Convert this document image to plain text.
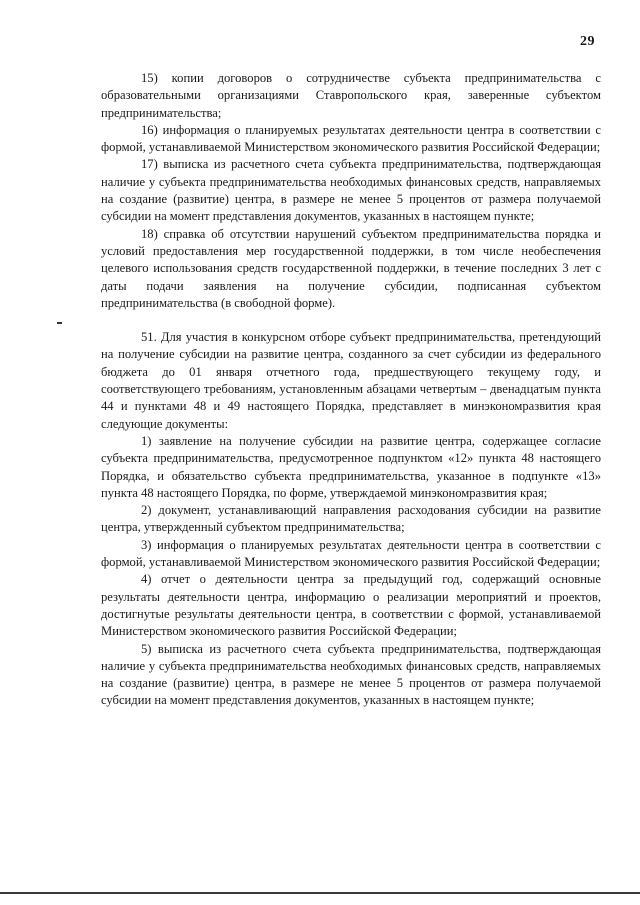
29

15) копии договоров о сотрудничестве субъекта предпринимательства с образовательными организациями Ставропольского края, заверенные субъектом предпринимательства;

16) информация о планируемых результатах деятельности центра в соответствии с формой, устанавливаемой Министерством экономического развития Российской Федерации;

17) выписка из расчетного счета субъекта предпринимательства, подтверждающая наличие у субъекта предпринимательства необходимых финансовых средств, направляемых на создание (развитие) центра, в размере не менее 5 процентов от размера получаемой субсидии на момент представления документов, указанных в настоящем пункте;

18) справка об отсутствии нарушений субъектом предпринимательства порядка и условий предоставления мер государственной поддержки, в том числе необеспечения целевого использования средств государственной поддержки, в течение последних 3 лет с даты подачи заявления на получение субсидии, подписанная субъектом предпринимательства (в свободной форме).

51. Для участия в конкурсном отборе субъект предпринимательства, претендующий на получение субсидии на развитие центра, созданного за счет субсидии из федерального бюджета до 01 января отчетного года, предшествующего текущему году, и соответствующего требованиям, установленным абзацами четвертым – двенадцатым пункта 44 и пунктами 48 и 49 настоящего Порядка, представляет в минэкономразвития края следующие документы:

1) заявление на получение субсидии на развитие центра, содержащее согласие субъекта предпринимательства, предусмотренное подпунктом «12» пункта 48 настоящего Порядка, и обязательство субъекта предпринимательства, указанное в подпункте «13» пункта 48 настоящего Порядка, по форме, утверждаемой минэкономразвития края;

2) документ, устанавливающий направления расходования субсидии на развитие центра, утвержденный субъектом предпринимательства;

3) информация о планируемых результатах деятельности центра в соответствии с формой, устанавливаемой Министерством экономического развития Российской Федерации;

4) отчет о деятельности центра за предыдущий год, содержащий основные результаты деятельности центра, информацию о реализации мероприятий и проектов, достигнутые результаты деятельности центра, в соответствии с формой, устанавливаемой Министерством экономического развития Российской Федерации;

5) выписка из расчетного счета субъекта предпринимательства, подтверждающая наличие у субъекта предпринимательства необходимых финансовых средств, направляемых на создание (развитие) центра, в размере не менее 5 процентов от размера получаемой субсидии на момент представления документов, указанных в настоящем пункте;
